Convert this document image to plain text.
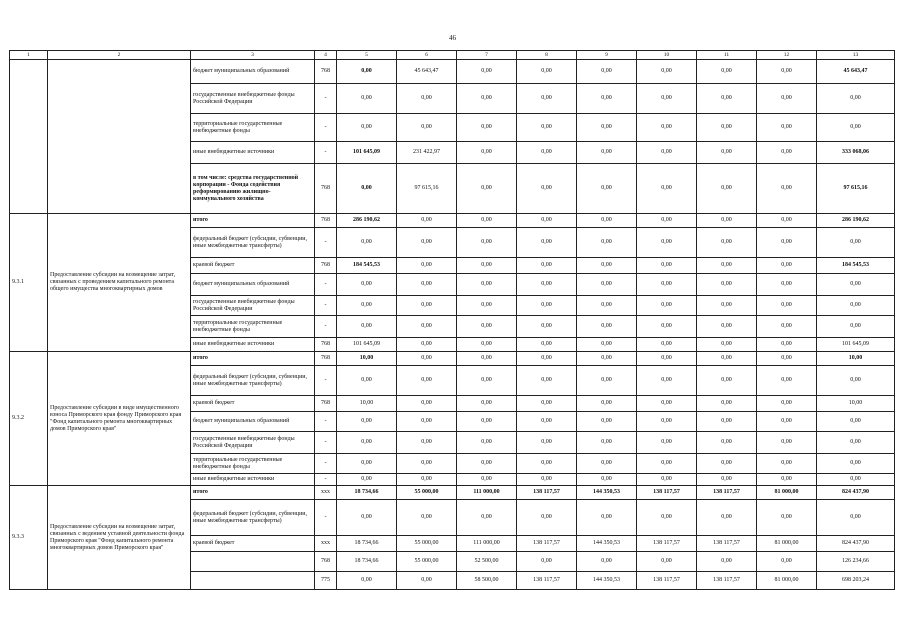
46
1	2	3	4	5	6	7	8	9	10	11	12	13
		бюджет муниципальных образований	768	0,00	45 643,47	0,00	0,00	0,00	0,00	0,00	0,00	45 643,47
		государственные внебюджетные фонды Российской Федерации	-	0,00	0,00	0,00	0,00	0,00	0,00	0,00	0,00	0,00
		территориальные государственные внебюджетные фонды	-	0,00	0,00	0,00	0,00	0,00	0,00	0,00	0,00	0,00
		иные внебюджетные источники	-	101 645,09	231 422,97	0,00	0,00	0,00	0,00	0,00	0,00	333 068,06
		в том числе: средства государственной корпорации - Фонда содействия реформированию жилищно-коммунального хозяйства	768	0,00	97 615,16	0,00	0,00	0,00	0,00	0,00	0,00	97 615,16
9.3.1	Предоставление субсидии на возмещение затрат, связанных с проведением капитального ремонта общего имущества многоквартирных домов	итого	768	286 190,62	0,00	0,00	0,00	0,00	0,00	0,00	0,00	286 190,62
		федеральный бюджет (субсидии, субвенции, иные межбюджетные трансферты)	-	0,00	0,00	0,00	0,00	0,00	0,00	0,00	0,00	0,00
		краевой бюджет	768	184 545,53	0,00	0,00	0,00	0,00	0,00	0,00	0,00	184 545,53
		бюджет муниципальных образований	-	0,00	0,00	0,00	0,00	0,00	0,00	0,00	0,00	0,00
		государственные внебюджетные фонды Российской Федерации	-	0,00	0,00	0,00	0,00	0,00	0,00	0,00	0,00	0,00
		территориальные государственные внебюджетные фонды	-	0,00	0,00	0,00	0,00	0,00	0,00	0,00	0,00	0,00
		иные внебюджетные источники	768	101 645,09	0,00	0,00	0,00	0,00	0,00	0,00	0,00	101 645,09
9.3.2	Предоставление субсидии в виде имущественного взноса Приморского края фонду Приморского края "Фонд капитального ремонта многоквартирных домов Приморского края"	итого	768	10,00	0,00	0,00	0,00	0,00	0,00	0,00	0,00	10,00
		федеральный бюджет (субсидии, субвенции, иные межбюджетные трансферты)	-	0,00	0,00	0,00	0,00	0,00	0,00	0,00	0,00	0,00
		краевой бюджет	768	10,00	0,00	0,00	0,00	0,00	0,00	0,00	0,00	10,00
		бюджет муниципальных образований	-	0,00	0,00	0,00	0,00	0,00	0,00	0,00	0,00	0,00
		государственные внебюджетные фонды Российской Федерации	-	0,00	0,00	0,00	0,00	0,00	0,00	0,00	0,00	0,00
		территориальные государственные внебюджетные фонды	-	0,00	0,00	0,00	0,00	0,00	0,00	0,00	0,00	0,00
		иные внебюджетные источники	-	0,00	0,00	0,00	0,00	0,00	0,00	0,00	0,00	0,00
9.3.3	Предоставление субсидии на возмещение затрат, связанных с ведением уставной деятельности фонда Приморского края "Фонд капитального ремонта многоквартирных домов Приморского края"	итого	ххх	18 734,66	55 000,00	111 000,00	138 117,57	144 350,53	138 117,57	138 117,57	81 000,00	824 437,90
		федеральный бюджет (субсидии, субвенции, иные межбюджетные трансферты)	-	0,00	0,00	0,00	0,00	0,00	0,00	0,00	0,00	0,00
		краевой бюджет	ххх	18 734,66	55 000,00	111 000,00	138 117,57	144 350,53	138 117,57	138 117,57	81 000,00	824 437,90
			768	18 734,66	55 000,00	52 500,00	0,00	0,00	0,00	0,00	0,00	126 234,66
			775	0,00	0,00	58 500,00	138 117,57	144 350,53	138 117,57	138 117,57	81 000,00	698 203,24
